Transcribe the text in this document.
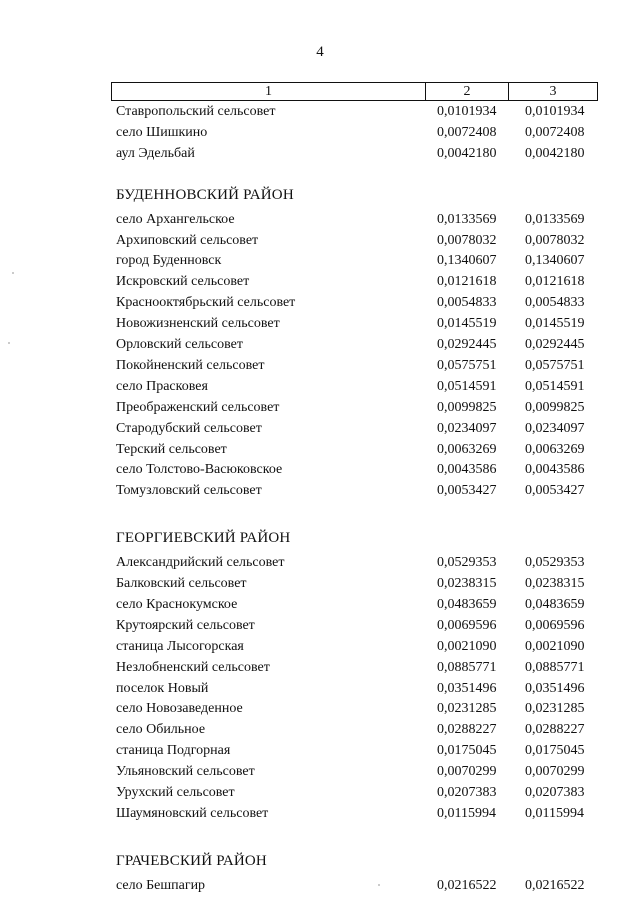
4
1	2	3
Ставропольский сельсовет	0,0101934 0,0101934
село Шишкино	0,0072408 0,0072408
аул Эдельбай	0,0042180 0,0042180
БУДЕННОВСКИЙ РАЙОН
село Архангельское	0,0133569 0,0133569
Архиповский сельсовет	0,0078032 0,0078032
город Буденновск	0,1340607 0,1340607
Искровский сельсовет	0,0121618 0,0121618
Краснооктябрьский сельсовет	0,0054833 0,0054833
Новожизненский сельсовет	0,0145519 0,0145519
Орловский сельсовет	0,0292445 0,0292445
Покойненский сельсовет	0,0575751 0,0575751
село Прасковея	0,0514591 0,0514591
Преображенский сельсовет	0,0099825 0,0099825
Стародубский сельсовет	0,0234097 0,0234097
Терский сельсовет	0,0063269 0,0063269
село Толстово-Васюковское	0,0043586 0,0043586
Томузловский сельсовет	0,0053427 0,0053427
ГЕОРГИЕВСКИЙ РАЙОН
Александрийский сельсовет	0,0529353 0,0529353
Балковский сельсовет	0,0238315 0,0238315
село Краснокумское	0,0483659 0,0483659
Крутоярский сельсовет	0,0069596 0,0069596
станица Лысогорская	0,0021090 0,0021090
Незлобненский сельсовет	0,0885771 0,0885771
поселок Новый	0,0351496 0,0351496
село Новозаведенное	0,0231285 0,0231285
село Обильное	0,0288227 0,0288227
станица Подгорная	0,0175045 0,0175045
Ульяновский сельсовет	0,0070299 0,0070299
Урухский сельсовет	0,0207383 0,0207383
Шаумяновский сельсовет	0,0115994 0,0115994
ГРАЧЕВСКИЙ РАЙОН
село Бешпагир	0,0216522 0,0216522
